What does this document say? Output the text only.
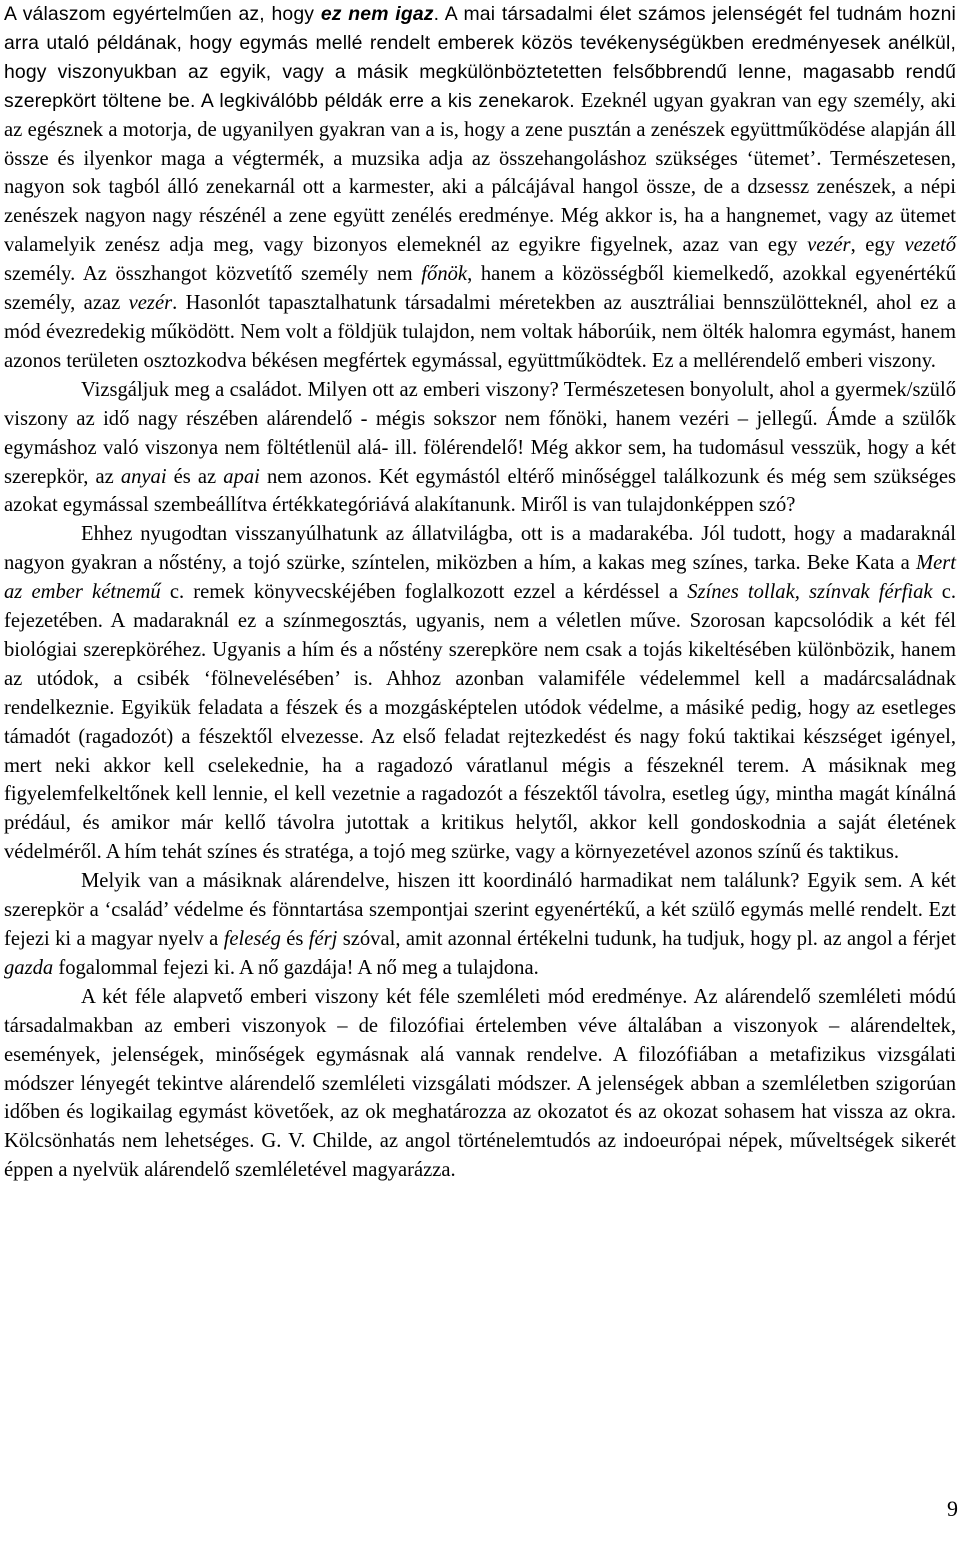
A válaszom egyértelműen az, hogy ez nem igaz. A mai társadalmi élet számos jelenségét fel tudnám hozni arra utaló példának, hogy egymás mellé rendelt emberek közös tevékenységükben eredményesek anélkül, hogy viszonyukban az egyik, vagy a másik megkülönböztetetten felsőbbrendű lenne, magasabb rendű szerepkört töltene be. A legkiválóbb példák erre a kis zenekarok. Ezeknél ugyan gyakran van egy személy, aki az egésznek a motorja, de ugyanilyen gyakran van a is, hogy a zene pusztán a zenészek együttműködése alapján áll össze és ilyenkor maga a végtermék, a muzsika adja az összehangoláshoz szükséges ‘ütemet’. Természetesen, nagyon sok tagból álló zenekarnál ott a karmester, aki a pálcájával hangol össze, de a dzsessz zenészek, a népi zenészek nagyon nagy részénél a zene együtt zenélés eredménye. Még akkor is, ha a hangnemet, vagy az ütemet valamelyik zenész adja meg, vagy bizonyos elemeknél az egyikre figyelnek, azaz van egy vezér, egy vezető személy. Az összhangot közvetítő személy nem főnök, hanem a közösségből kiemelkedő, azokkal egyenértékű személy, azaz vezér. Hasonlót tapasztalhatunk társadalmi méretekben az ausztráliai bennszülötteknél, ahol ez a mód évezredekig működött. Nem volt a földjük tulajdon, nem voltak háborúik, nem ölték halomra egymást, hanem azonos területen osztozkodva békésen megfértek egymással, együttműködtek. Ez a mellérendelő emberi viszony.

Vizsgáljuk meg a családot. Milyen ott az emberi viszony? Természetesen bonyolult, ahol a gyermek/szülő viszony az idő nagy részében alárendelő - mégis sokszor nem főnöki, hanem vezéri – jellegű. Ámde a szülők egymáshoz való viszonya nem föltétlenül alá- ill. fölérendelő! Még akkor sem, ha tudomásul vesszük, hogy a két szerepkör, az anyai és az apai nem azonos. Két egymástól eltérő minőséggel találkozunk és még sem szükséges azokat egymással szembeállítva értékkategóriává alakítanunk. Miről is van tulajdonképpen szó?

Ehhez nyugodtan visszanyúlhatunk az állatvilágba, ott is a madarakéba. Jól tudott, hogy a madaraknál nagyon gyakran a nőstény, a tojó szürke, színtelen, miközben a hím, a kakas meg színes, tarka. Beke Kata a Mert az ember kétnemű c. remek könyvecskéjében foglalkozott ezzel a kérdéssel a Színes tollak, színvak férfiak c. fejezetében. A madaraknál ez a színmegosztás, ugyanis, nem a véletlen műve. Szorosan kapcsolódik a két fél biológiai szerepköréhez. Ugyanis a hím és a nőstény szerepköre nem csak a tojás kikeltésében különbözik, hanem az utódok, a csibék ‘fölnevelésében’ is. Ahhoz azonban valamiféle védelemmel kell a madárcsaládnak rendelkeznie. Egyikük feladata a fészek és a mozgásképtelen utódok védelme, a másiké pedig, hogy az esetleges támadót (ragadozót) a fészektől elvezesse. Az első feladat rejtezkedést és nagy fokú taktikai készséget igényel, mert neki akkor kell cselekednie, ha a ragadozó váratlanul mégis a fészeknél terem. A másiknak meg figyelemfelkeltőnek kell lennie, el kell vezetnie a ragadozót a fészektől távolra, esetleg úgy, mintha magát kínálná prédául, és amikor már kellő távolra jutottak a kritikus helytől, akkor kell gondoskodnia a saját életének védelméről. A hím tehát színes és stratéga, a tojó meg szürke, vagy a környezetével azonos színű és taktikus.

Melyik van a másiknak alárendelve, hiszen itt koordináló harmadikat nem találunk? Egyik sem. A két szerepkör a ‘család’ védelme és fönntartása szempontjai szerint egyenértékű, a két szülő egymás mellé rendelt. Ezt fejezi ki a magyar nyelv a feleség és férj szóval, amit azonnal értékelni tudunk, ha tudjuk, hogy pl. az angol a férjet gazda fogalommal fejezi ki. A nő gazdája! A nő meg a tulajdona.

A két féle alapvető emberi viszony két féle szemléleti mód eredménye. Az alárendelő szemléleti módú társadalmakban az emberi viszonyok – de filozófiai értelemben véve általában a viszonyok – alárendeltek, események, jelenségek, minőségek egymásnak alá vannak rendelve. A filozófiában a metafizikus vizsgálati módszer lényegét tekintve alárendelő szemléleti vizsgálati módszer. A jelenségek abban a szemléletben szigorúan időben és logikailag egymást követőek, az ok meghatározza az okozatot és az okozat sohasem hat vissza az okra. Kölcsönhatás nem lehetséges. G. V. Childe, az angol történelemtudós az indoeurópai népek, műveltségek sikerét éppen a nyelvük alárendelő szemléletével magyarázza.

9
